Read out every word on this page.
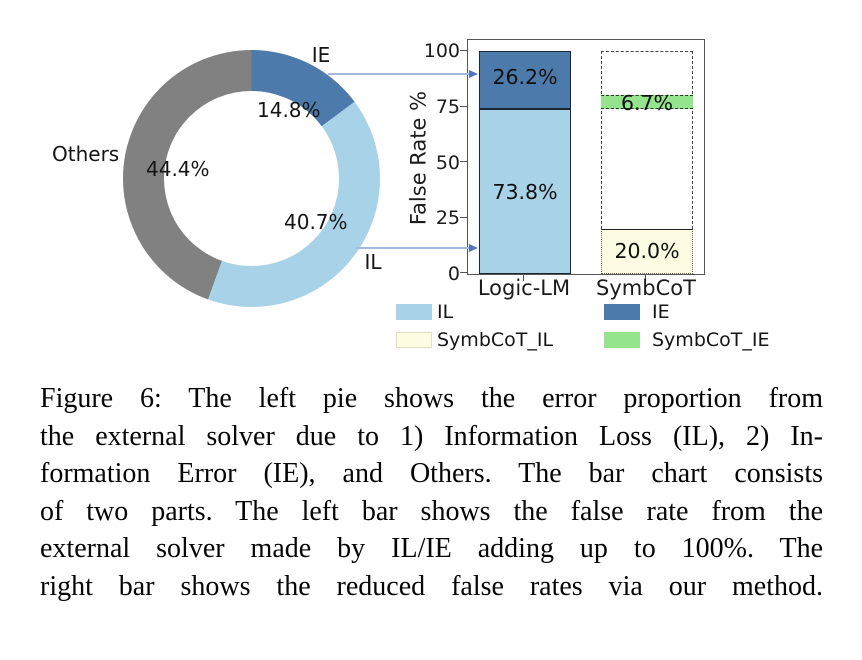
IE
Others
IL
14.8%
44.4%
40.7%	False Rate %
100
75
50
25
0
26.2%
73.8%
6.7%
20.0%
Logic-LM SymbCoT
IL	IE
SymbCoT_IL	SymbCoT_IE
Figure 6: The left pie shows the error proportion from
the external solver due to 1) Information Loss (IL), 2) In-
formation Error (IE), and Others. The bar chart consists
of two parts. The left bar shows the false rate from the
external solver made by IL/IE adding up to 100%. The
right bar shows the reduced false rates via our method.
